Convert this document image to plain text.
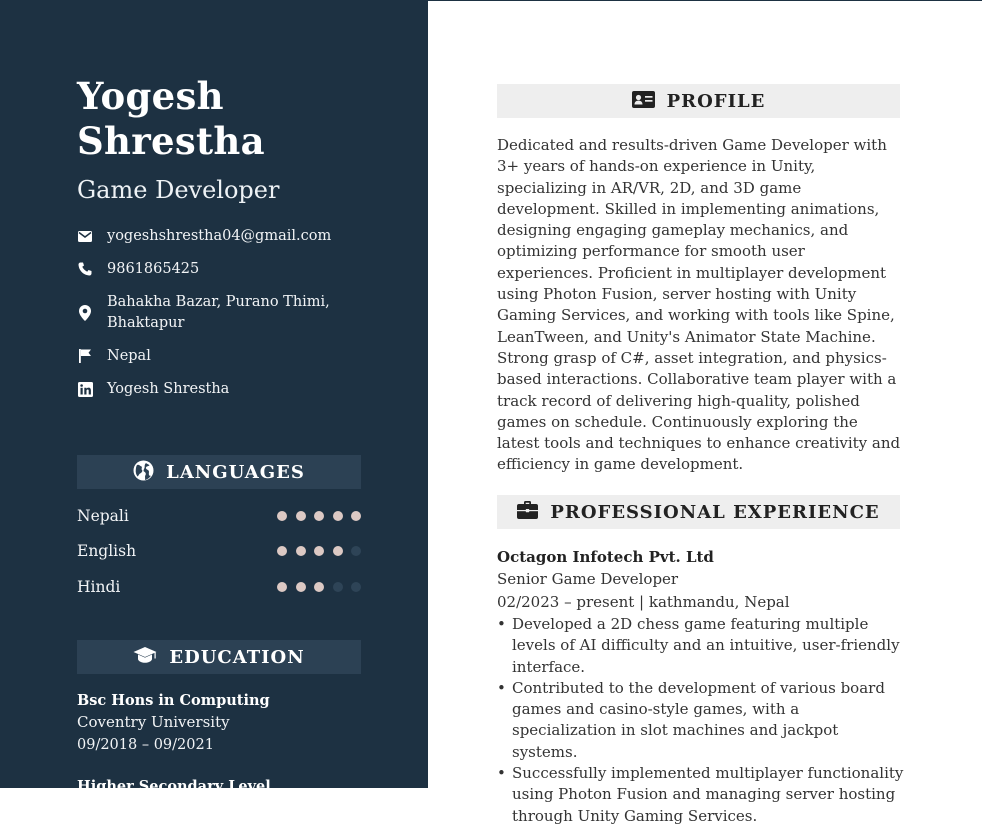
Yogesh Shrestha
Game Developer
yogeshshrestha04@gmail.com
9861865425
Bahakha Bazar, Purano Thimi, Bhaktapur
Nepal
Yogesh Shrestha
LANGUAGES
Nepali
English
Hindi
EDUCATION
Bsc Hons in Computing
Coventry University
09/2018 – 09/2021
Higher Secondary Level
PROFILE
Dedicated and results-driven Game Developer with 3+ years of hands-on experience in Unity, specializing in AR/VR, 2D, and 3D game development. Skilled in implementing animations, designing engaging gameplay mechanics, and optimizing performance for smooth user experiences. Proficient in multiplayer development using Photon Fusion, server hosting with Unity Gaming Services, and working with tools like Spine, LeanTween, and Unity's Animator State Machine. Strong grasp of C#, asset integration, and physics-based interactions. Collaborative team player with a track record of delivering high-quality, polished games on schedule. Continuously exploring the latest tools and techniques to enhance creativity and efficiency in game development.
PROFESSIONAL EXPERIENCE
Octagon Infotech Pvt. Ltd
Senior Game Developer
02/2023 – present | kathmandu, Nepal
• Developed a 2D chess game featuring multiple levels of AI difficulty and an intuitive, user-friendly interface.
• Contributed to the development of various board games and casino-style games, with a specialization in slot machines and jackpot systems.
• Successfully implemented multiplayer functionality using Photon Fusion and managing server hosting through Unity Gaming Services.
